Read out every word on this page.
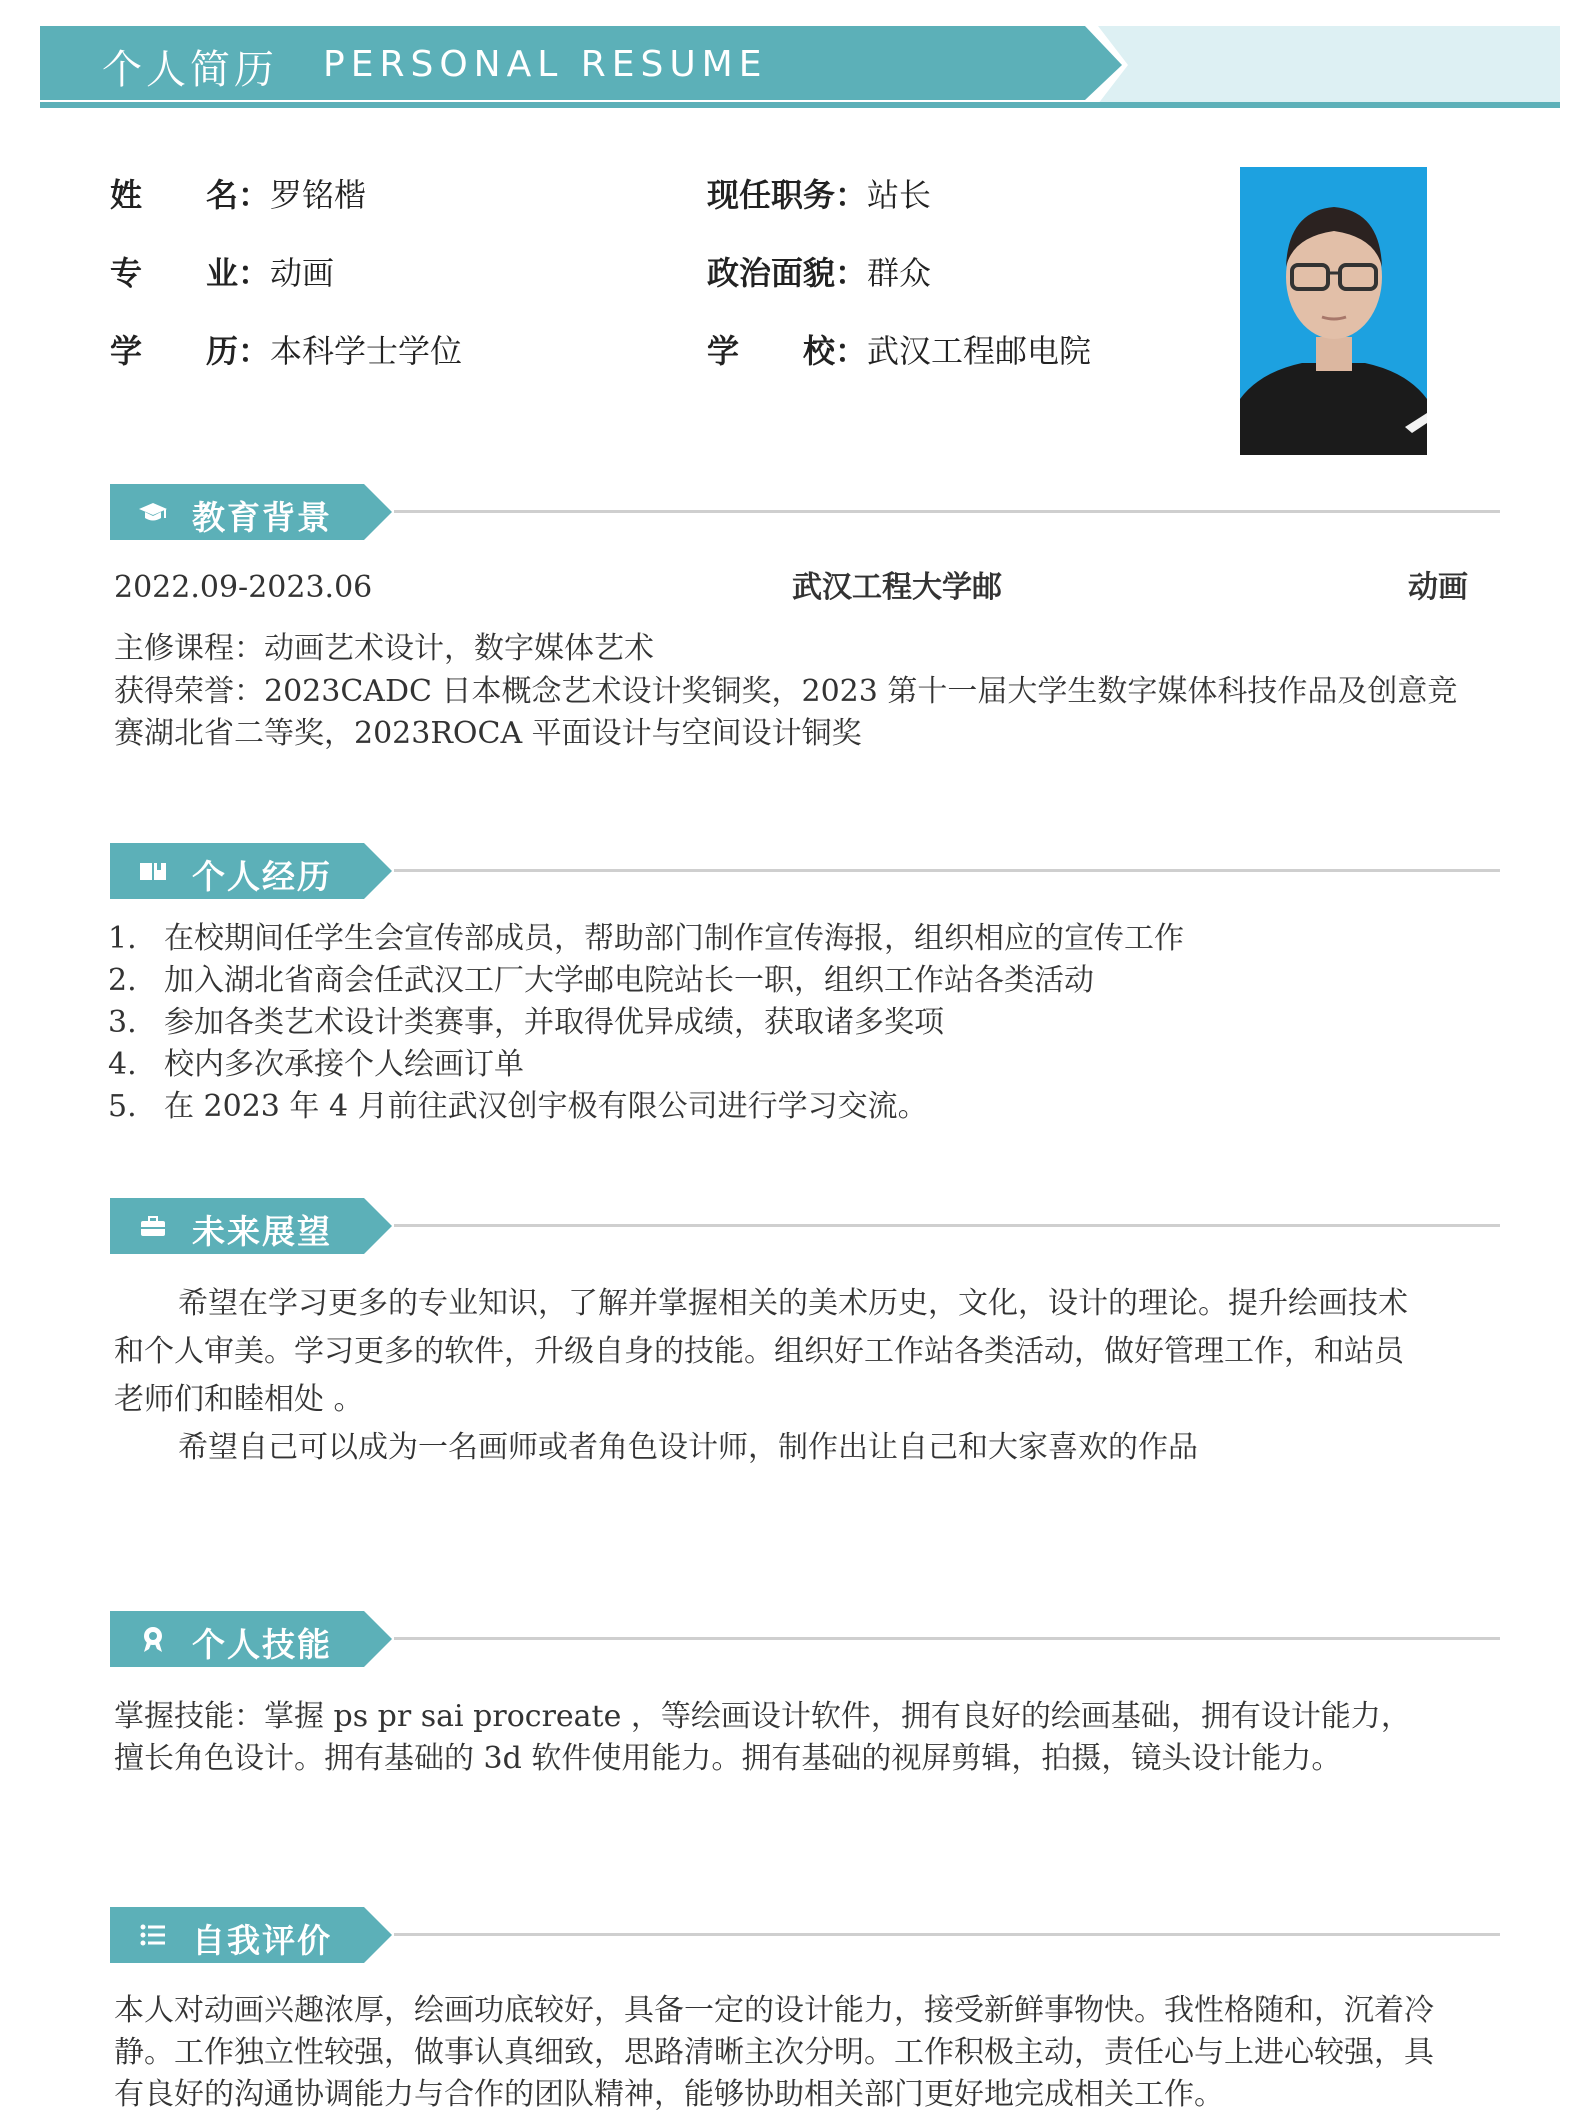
个人简历 PERSONAL RESUME
姓名：罗铭楷
专业：动画
学历：本科学士学位
现任职务：站长
政治面貌：群众
学校：武汉工程邮电院
教育背景
2022.09-2023.06	武汉工程大学邮	动画
主修课程：动画艺术设计，数字媒体艺术
获得荣誉：2023CADC 日本概念艺术设计奖铜奖，2023 第十一届大学生数字媒体科技作品及创意竞
赛湖北省二等奖，2023ROCA 平面设计与空间设计铜奖
个人经历
1. 在校期间任学生会宣传部成员，帮助部门制作宣传海报，组织相应的宣传工作
2. 加入湖北省商会任武汉工厂大学邮电院站长一职，组织工作站各类活动
3. 参加各类艺术设计类赛事，并取得优异成绩，获取诸多奖项
4. 校内多次承接个人绘画订单
5. 在 2023 年 4 月前往武汉创宇极有限公司进行学习交流。
未来展望
希望在学习更多的专业知识，了解并掌握相关的美术历史，文化，设计的理论。提升绘画技术
和个人审美。学习更多的软件，升级自身的技能。组织好工作站各类活动，做好管理工作，和站员
老师们和睦相处 。
希望自己可以成为一名画师或者角色设计师，制作出让自己和大家喜欢的作品
个人技能
掌握技能：掌握 ps pr sai procreate ，等绘画设计软件，拥有良好的绘画基础，拥有设计能力，
擅长角色设计。拥有基础的 3d 软件使用能力。拥有基础的视屏剪辑，拍摄，镜头设计能力。
自我评价
本人对动画兴趣浓厚，绘画功底较好，具备一定的设计能力，接受新鲜事物快。我性格随和，沉着冷
静。工作独立性较强，做事认真细致，思路清晰主次分明。工作积极主动，责任心与上进心较强，具
有良好的沟通协调能力与合作的团队精神，能够协助相关部门更好地完成相关工作。
